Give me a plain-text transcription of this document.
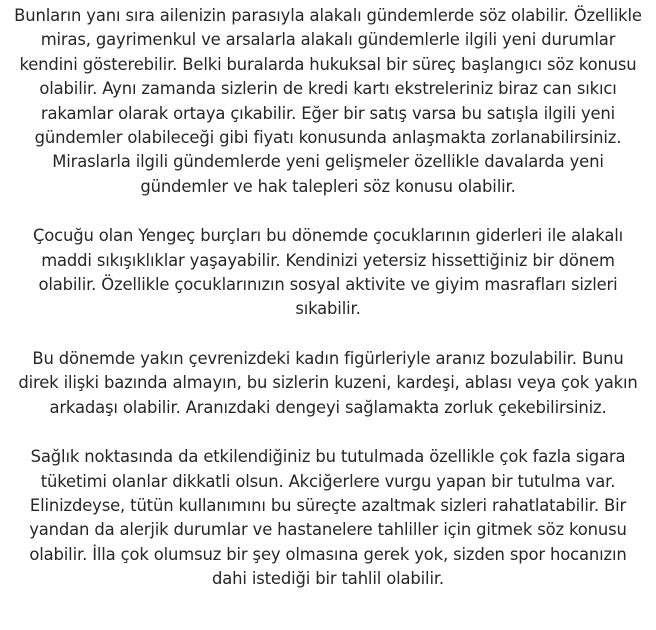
Bunların yanı sıra ailenizin parasıyla alakalı gündemlerde söz olabilir. Özellikle
miras, gayrimenkul ve arsalarla alakalı gündemlerle ilgili yeni durumlar
kendini gösterebilir. Belki buralarda hukuksal bir süreç başlangıcı söz konusu
olabilir. Aynı zamanda sizlerin de kredi kartı ekstreleriniz biraz can sıkıcı
rakamlar olarak ortaya çıkabilir. Eğer bir satış varsa bu satışla ilgili yeni
gündemler olabileceği gibi fiyatı konusunda anlaşmakta zorlanabilirsiniz.
Miraslarla ilgili gündemlerde yeni gelişmeler özellikle davalarda yeni
gündemler ve hak talepleri söz konusu olabilir.

Çocuğu olan Yengeç burçları bu dönemde çocuklarının giderleri ile alakalı
maddi sıkışıklıklar yaşayabilir. Kendinizi yetersiz hissettiğiniz bir dönem
olabilir. Özellikle çocuklarınızın sosyal aktivite ve giyim masrafları sizleri
sıkabilir.

Bu dönemde yakın çevrenizdeki kadın figürleriyle aranız bozulabilir. Bunu
direk ilişki bazında almayın, bu sizlerin kuzeni, kardeşi, ablası veya çok yakın
arkadaşı olabilir. Aranızdaki dengeyi sağlamakta zorluk çekebilirsiniz.

Sağlık noktasında da etkilendiğiniz bu tutulmada özellikle çok fazla sigara
tüketimi olanlar dikkatli olsun. Akciğerlere vurgu yapan bir tutulma var.
Elinizdeyse, tütün kullanımını bu süreçte azaltmak sizleri rahatlatabilir. Bir
yandan da alerjik durumlar ve hastanelere tahliller için gitmek söz konusu
olabilir. İlla çok olumsuz bir şey olmasına gerek yok, sizden spor hocanızın
dahi istediği bir tahlil olabilir.
